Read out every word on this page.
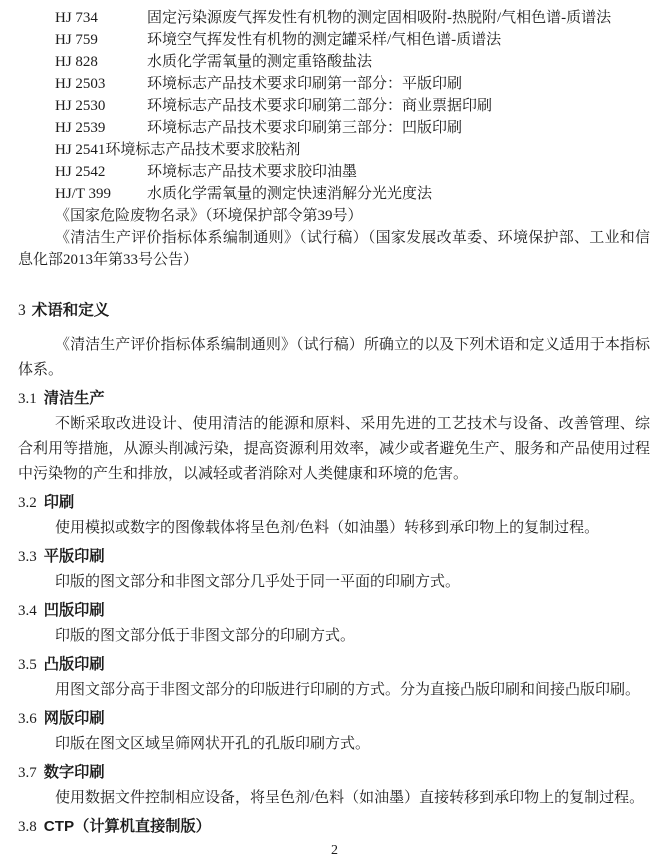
HJ 734	固定污染源废气挥发性有机物的测定固相吸附-热脱附/气相色谱-质谱法
HJ 759	环境空气挥发性有机物的测定罐采样/气相色谱-质谱法
HJ 828	水质化学需氧量的测定重铬酸盐法
HJ 2503	环境标志产品技术要求印刷第一部分：平版印刷
HJ 2530	环境标志产品技术要求印刷第二部分：商业票据印刷
HJ 2539	环境标志产品技术要求印刷第三部分：凹版印刷
HJ 2541环境标志产品技术要求胶粘剂
HJ 2542	环境标志产品技术要求胶印油墨
HJ/T 399 水质化学需氧量的测定快速消解分光光度法

《国家危险废物名录》（环境保护部令第39号）

《清洁生产评价指标体系编制通则》（试行稿）（国家发展改革委、环境保护部、工业和信息化部2013年第33号公告）

3 术语和定义

《清洁生产评价指标体系编制通则》（试行稿）所确立的以及下列术语和定义适用于本指标体系。

3.1 清洁生产

不断采取改进设计、使用清洁的能源和原料、采用先进的工艺技术与设备、改善管理、综合利用等措施，从源头削减污染，提高资源利用效率，减少或者避免生产、服务和产品使用过程中污染物的产生和排放，以减轻或者消除对人类健康和环境的危害。

3.2 印刷

使用模拟或数字的图像载体将呈色剂/色料（如油墨）转移到承印物上的复制过程。

3.3 平版印刷

印版的图文部分和非图文部分几乎处于同一平面的印刷方式。

3.4 凹版印刷

印版的图文部分低于非图文部分的印刷方式。

3.5 凸版印刷

用图文部分高于非图文部分的印版进行印刷的方式。分为直接凸版印刷和间接凸版印刷。

3.6 网版印刷

印版在图文区域呈筛网状开孔的孔版印刷方式。

3.7 数字印刷

使用数据文件控制相应设备，将呈色剂/色料（如油墨）直接转移到承印物上的复制过程。

3.8 CTP（计算机直接制版）
2
